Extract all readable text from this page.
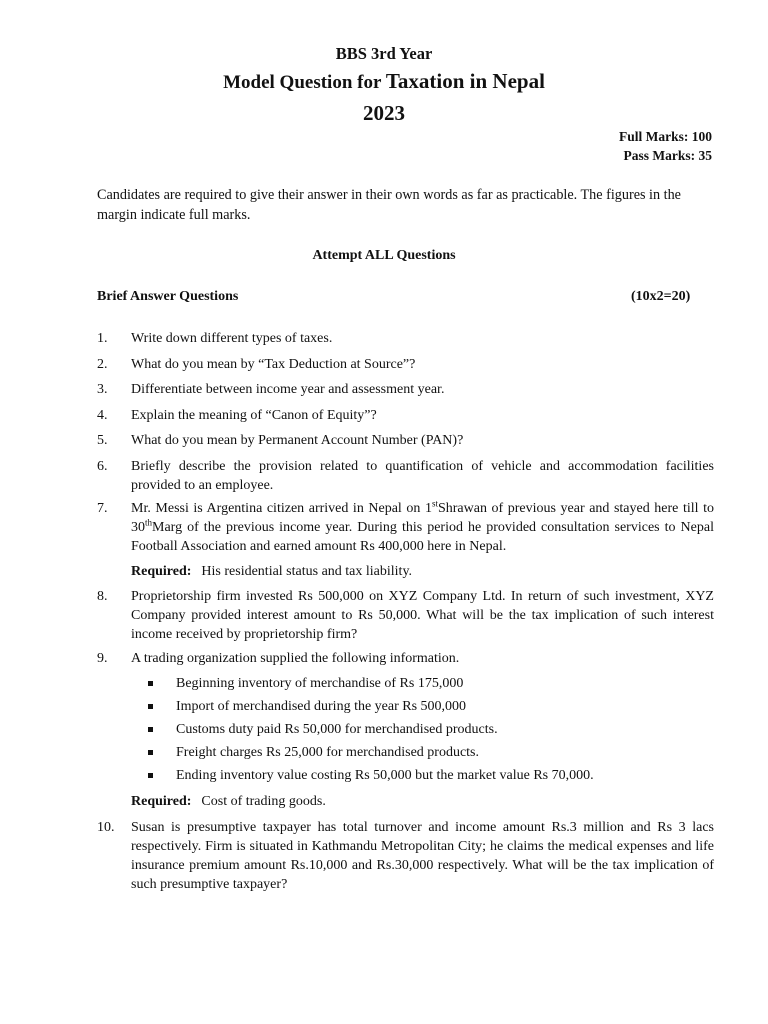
BBS 3rd Year
Model Question for Taxation in Nepal
2023
Full Marks: 100
Pass Marks: 35
Candidates are required to give their answer in their own words as far as practicable. The figures in the margin indicate full marks.
Attempt ALL Questions
Brief Answer Questions	(10x2=20)
1.	Write down different types of taxes.
2.	What do you mean by “Tax Deduction at Source”?
3.	Differentiate between income year and assessment year.
4.	Explain the meaning of “Canon of Equity”?
5.	What do you mean by Permanent Account Number (PAN)?
6.	Briefly describe the provision related to quantification of vehicle and accommodation facilities provided to an employee.
7.	Mr. Messi is Argentina citizen arrived in Nepal on 1stShrawan of previous year and stayed here till to 30thMarg of the previous income year. During this period he provided consultation services to Nepal Football Association and earned amount Rs 400,000 here in Nepal.
Required: His residential status and tax liability.
8.	Proprietorship firm invested Rs 500,000 on XYZ Company Ltd. In return of such investment, XYZ Company provided interest amount to Rs 50,000. What will be the tax implication of such interest income received by proprietorship firm?
9.	A trading organization supplied the following information.
Beginning inventory of merchandise of Rs 175,000
Import of merchandised during the year Rs 500,000
Customs duty paid Rs 50,000 for merchandised products.
Freight charges Rs 25,000 for merchandised products.
Ending inventory value costing Rs 50,000 but the market value Rs 70,000.
Required: Cost of trading goods.
10.	Susan is presumptive taxpayer has total turnover and income amount Rs.3 million and Rs 3 lacs respectively. Firm is situated in Kathmandu Metropolitan City; he claims the medical expenses and life insurance premium amount Rs.10,000 and Rs.30,000 respectively. What will be the tax implication of such presumptive taxpayer?
